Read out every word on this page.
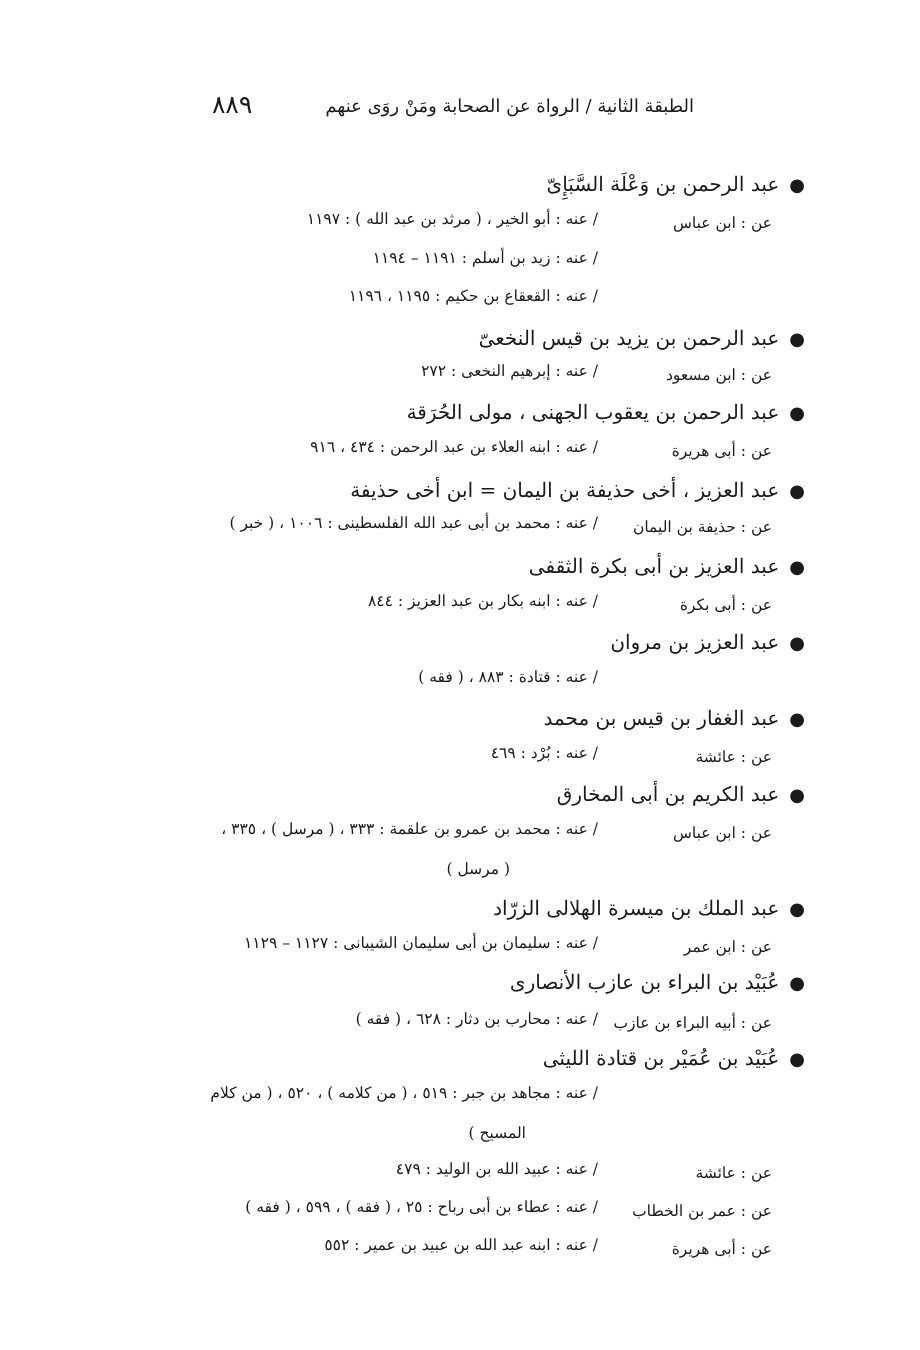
٨٨٩	الطبقة الثانية / الرواة عن الصحابة ومَنْ روَى عنهم
●عبد الرحمن بن وَعْلَة السَّبَإِىّ
عن : ابن عباس
/ عنه : أبو الخير ، ( مرثد بن عبد الله ) : ١١٩٧
/ عنه : زيد بن أسلم : ١١٩١ – ١١٩٤
/ عنه : القعقاع بن حكيم : ١١٩٥ ، ١١٩٦
●عبد الرحمن بن يزيد بن قيس النخعىّ
عن : ابن مسعود
/ عنه : إبرهيم النخعى : ٢٧٢
●عبد الرحمن بن يعقوب الجهنى ، مولى الحُرَقة
عن : أبى هريرة
/ عنه : ابنه العلاء بن عبد الرحمن : ٤٣٤ ، ٩١٦
●عبد العزيز ، أخى حذيفة بن اليمان = ابن أخى حذيفة
عن : حذيفة بن اليمان
/ عنه : محمد بن أبى عبد الله الفلسطينى : ١٠٠٦ ، ( خبر )
●عبد العزيز بن أبى بكرة الثقفى
عن : أبى بكرة
/ عنه : ابنه بكار بن عبد العزيز : ٨٤٤
●عبد العزيز بن مروان
/ عنه : قتادة : ٨٨٣ ، ( فقه )
●عبد الغفار بن قيس بن محمد
عن : عائشة
/ عنه : بُرْد : ٤٦٩
●عبد الكريم بن أبى المخارق
عن : ابن عباس
/ عنه : محمد بن عمرو بن علقمة : ٣٣٣ ، ( مرسل ) ، ٣٣٥ ،
( مرسل )
●عبد الملك بن ميسرة الهلالى الزرّاد
عن : ابن عمر
/ عنه : سليمان بن أبى سليمان الشيبانى : ١١٢٧ – ١١٢٩
●عُبَيْد بن البراء بن عازب الأنصارى
عن : أبيه البراء بن عازب
/ عنه : محارب بن دثار : ٦٢٨ ، ( فقه )
●عُبَيْد بن عُمَيْر بن قتادة الليثى
/ عنه : مجاهد بن جبر : ٥١٩ ، ( من كلامه ) ، ٥٢٠ ، ( من كلام
المسيح )
عن : عائشة
/ عنه : عبيد الله بن الوليد : ٤٧٩
عن : عمر بن الخطاب
/ عنه : عطاء بن أبى رباح : ٢٥ ، ( فقه ) ، ٥٩٩ ، ( فقه )
عن : أبى هريرة
/ عنه : ابنه عبد الله بن عبيد بن عمير : ٥٥٢
